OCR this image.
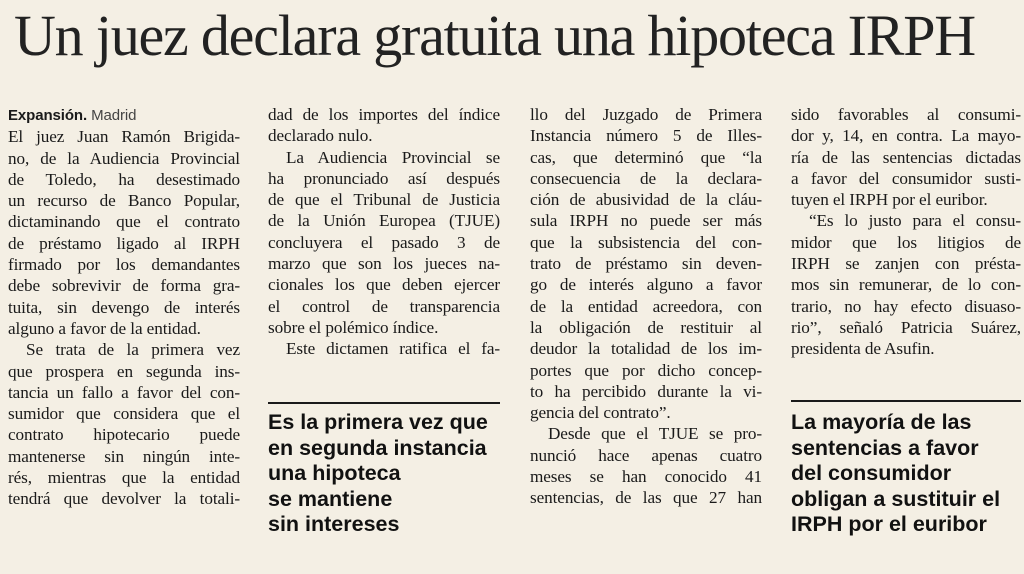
Un juez declara gratuita una hipoteca IRPH

Expansión. Madrid

El juez Juan Ramón Brigida-
no, de la Audiencia Provincial
de Toledo, ha desestimado
un recurso de Banco Popular,
dictaminando que el contrato
de préstamo ligado al IRPH
firmado por los demandantes
debe sobrevivir de forma gra-
tuita, sin devengo de interés
alguno a favor de la entidad.
Se trata de la primera vez
que prospera en segunda ins-
tancia un fallo a favor del con-
sumidor que considera que el
contrato hipotecario puede
mantenerse sin ningún inte-
rés, mientras que la entidad
tendrá que devolver la totali-
dad de los importes del índice
declarado nulo.
La Audiencia Provincial se
ha pronunciado así después
de que el Tribunal de Justicia
de la Unión Europea (TJUE)
concluyera el pasado 3 de
marzo que son los jueces na-
cionales los que deben ejercer
el control de transparencia
sobre el polémico índice.
Este dictamen ratifica el fa-
Es la primera vez que
en segunda instancia
una hipoteca
se mantiene
sin intereses
llo del Juzgado de Primera
Instancia número 5 de Illes-
cas, que determinó que “la
consecuencia de la declara-
ción de abusividad de la cláu-
sula IRPH no puede ser más
que la subsistencia del con-
trato de préstamo sin deven-
go de interés alguno a favor
de la entidad acreedora, con
la obligación de restituir al
deudor la totalidad de los im-
portes que por dicho concep-
to ha percibido durante la vi-
gencia del contrato”.
Desde que el TJUE se pro-
nunció hace apenas cuatro
meses se han conocido 41
sentencias, de las que 27 han
sido favorables al consumi-
dor y, 14, en contra. La mayo-
ría de las sentencias dictadas
a favor del consumidor susti-
tuyen el IRPH por el euribor.
“Es lo justo para el consu-
midor que los litigios de
IRPH se zanjen con présta-
mos sin remunerar, de lo con-
trario, no hay efecto disuaso-
rio”, señaló Patricia Suárez,
presidenta de Asufin.
La mayoría de las
sentencias a favor
del consumidor
obligan a sustituir el
IRPH por el euribor
